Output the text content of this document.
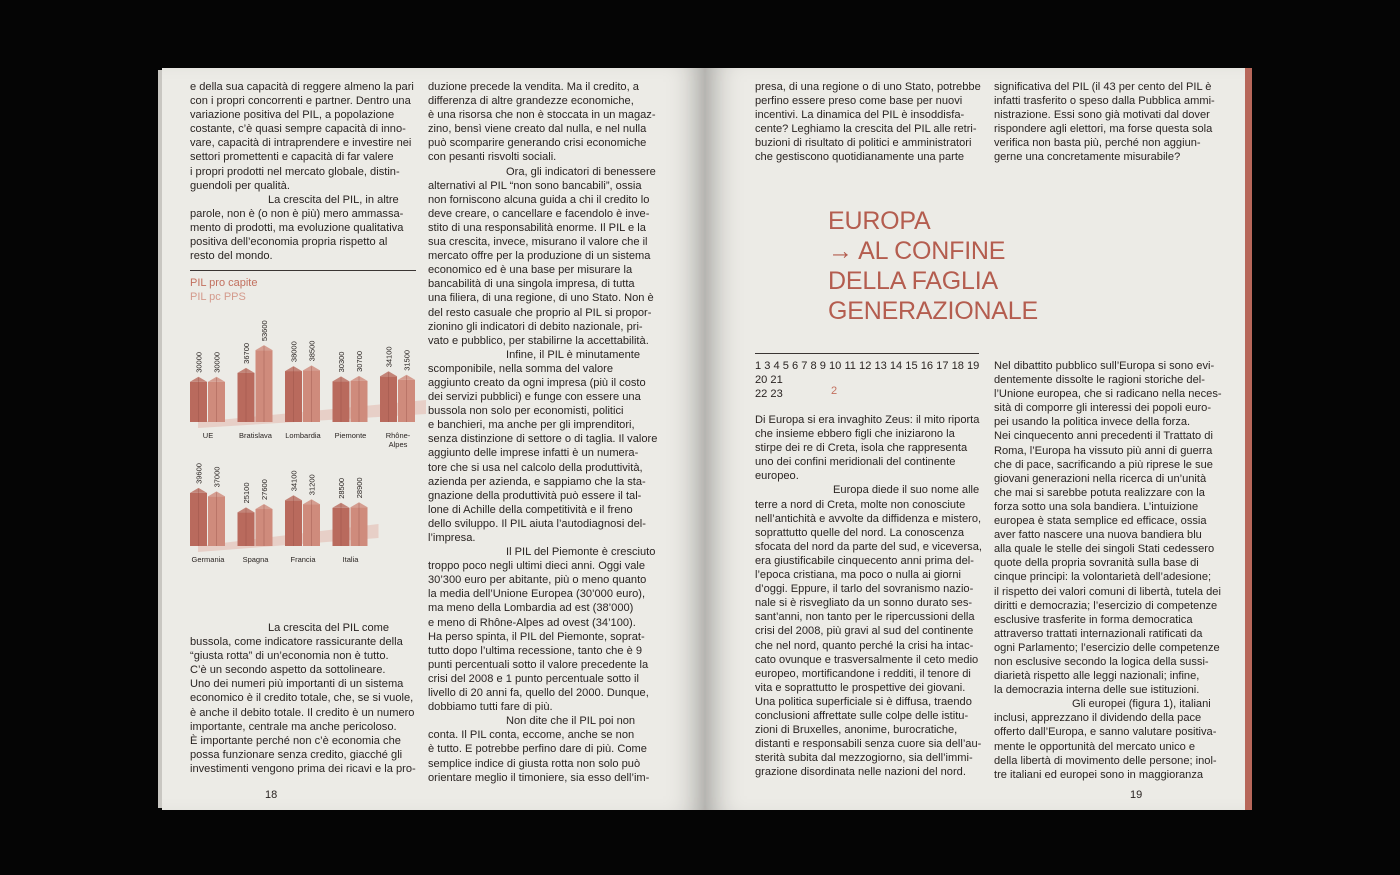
e della sua capacità di reggere almeno la pari

con i propri concorrenti e partner. Dentro una

variazione positiva del PIL, a popolazione

costante, c’è quasi sempre capacità di inno-

vare, capacità di intraprendere e investire nei

settori promettenti e capacità di far valere

i propri prodotti nel mercato globale, distin-

guendoli per qualità.

La crescita del PIL, in altre

parole, non è (o non è più) mero ammassa-

mento di prodotti, ma evoluzione qualitativa

positiva dell’economia propria rispetto al

resto del mondo.

PIL pro capite

PIL pc PPS

30000 30000	36700
53600
38000 38500
30300 30700	34100 31500
39600 37000
25100 27600	34100 31200	28500 28900
UE	Bratislava Lombardia Piemonte	Rhône-
Alpes
Germania Spagna	Francia	Italia

La crescita del PIL come

bussola, come indicatore rassicurante della

“giusta rotta” di un’economia non è tutto.

C’è un secondo aspetto da sottolineare.

Uno dei numeri più importanti di un sistema

economico è il credito totale, che, se si vuole,

è anche il debito totale. Il credito è un numero

importante, centrale ma anche pericoloso.

È importante perché non c’è economia che

possa funzionare senza credito, giacché gli

investimenti vengono prima dei ricavi e la pro-

duzione precede la vendita. Ma il credito, a

differenza di altre grandezze economiche,

è una risorsa che non è stoccata in un magaz-

zino, bensì viene creato dal nulla, e nel nulla

può scomparire generando crisi economiche

con pesanti risvolti sociali.

Ora, gli indicatori di benessere

alternativi al PIL “non sono bancabili”, ossia

non forniscono alcuna guida a chi il credito lo

deve creare, o cancellare e facendolo è inve-

stito di una responsabilità enorme. Il PIL e la

sua crescita, invece, misurano il valore che il

mercato offre per la produzione di un sistema

economico ed è una base per misurare la

bancabilità di una singola impresa, di tutta

una filiera, di una regione, di uno Stato. Non è

del resto casuale che proprio al PIL si propor-

zionino gli indicatori di debito nazionale, pri-

vato e pubblico, per stabilirne la accettabilità.

Infine, il PIL è minutamente

scomponibile, nella somma del valore

aggiunto creato da ogni impresa (più il costo

dei servizi pubblici) e funge con essere una

bussola non solo per economisti, politici

e banchieri, ma anche per gli imprenditori,

senza distinzione di settore o di taglia. Il valore

aggiunto delle imprese infatti è un numera-

tore che si usa nel calcolo della produttività,

azienda per azienda, e sappiamo che la sta-

gnazione della produttività può essere il tal-

lone di Achille della competitività e il freno

dello sviluppo. Il PIL aiuta l’autodiagnosi del-

l’impresa.

Il PIL del Piemonte è cresciuto

troppo poco negli ultimi dieci anni. Oggi vale

30’300 euro per abitante, più o meno quanto

la media dell’Unione Europea (30’000 euro),

ma meno della Lombardia ad est (38’000)

e meno di Rhône-Alpes ad ovest (34’100).

Ha perso spinta, il PIL del Piemonte, soprat-

tutto dopo l’ultima recessione, tanto che è 9

punti percentuali sotto il valore precedente la

crisi del 2008 e 1 punto percentuale sotto il

livello di 20 anni fa, quello del 2000. Dunque,

dobbiamo tutti fare di più.

Non dite che il PIL poi non

conta. Il PIL conta, eccome, anche se non

è tutto. E potrebbe perfino dare di più. Come

semplice indice di giusta rotta non solo può

orientare meglio il timoniere, sia esso dell’im-

18

presa, di una regione o di uno Stato, potrebbe

perfino essere preso come base per nuovi

incentivi. La dinamica del PIL è insoddisfa-

cente? Leghiamo la crescita del PIL alle retri-

buzioni di risultato di politici e amministratori

che gestiscono quotidianamente una parte

significativa del PIL (il 43 per cento del PIL è

infatti trasferito o speso dalla Pubblica ammi-

nistrazione. Essi sono già motivati dal dover

rispondere agli elettori, ma forse questa sola

verifica non basta più, perché non aggiun-

gerne una concretamente misurabile?

EUROPA
→ AL CONFINE
DELLA FAGLIA
GENERAZIONALE

1 3 4 5 6 7 8 9 10 11 12 13 14 15 16 17 18 19 20 21

22 23	2

Di Europa si era invaghito Zeus: il mito riporta

che insieme ebbero figli che iniziarono la

stirpe dei re di Creta, isola che rappresenta

uno dei confini meridionali del continente

europeo.

Europa diede il suo nome alle

terre a nord di Creta, molte non conosciute

nell’antichità e avvolte da diffidenza e mistero,

soprattutto quelle del nord. La conoscenza

sfocata del nord da parte del sud, e viceversa,

era giustificabile cinquecento anni prima del-

l’epoca cristiana, ma poco o nulla ai giorni

d’oggi. Eppure, il tarlo del sovranismo nazio-

nale si è risvegliato da un sonno durato ses-

sant’anni, non tanto per le ripercussioni della

crisi del 2008, più gravi al sud del continente

che nel nord, quanto perché la crisi ha intac-

cato ovunque e trasversalmente il ceto medio

europeo, mortificandone i redditi, il tenore di

vita e soprattutto le prospettive dei giovani.

Una politica superficiale si è diffusa, traendo

conclusioni affrettate sulle colpe delle istitu-

zioni di Bruxelles, anonime, burocratiche,

distanti e responsabili senza cuore sia dell’au-

sterità subita dal mezzogiorno, sia dell’immi-

grazione disordinata nelle nazioni del nord.

Nel dibattito pubblico sull’Europa si sono evi-

dentemente dissolte le ragioni storiche del-

l’Unione europea, che si radicano nella neces-

sità di comporre gli interessi dei popoli euro-

pei usando la politica invece della forza.

Nei cinquecento anni precedenti il Trattato di

Roma, l’Europa ha vissuto più anni di guerra

che di pace, sacrificando a più riprese le sue

giovani generazioni nella ricerca di un’unità

che mai si sarebbe potuta realizzare con la

forza sotto una sola bandiera. L’intuizione

europea è stata semplice ed efficace, ossia

aver fatto nascere una nuova bandiera blu

alla quale le stelle dei singoli Stati cedessero

quote della propria sovranità sulla base di

cinque principi: la volontarietà dell’adesione;

il rispetto dei valori comuni di libertà, tutela dei

diritti e democrazia; l’esercizio di competenze

esclusive trasferite in forma democratica

attraverso trattati internazionali ratificati da

ogni Parlamento; l’esercizio delle competenze

non esclusive secondo la logica della sussi-

diarietà rispetto alle leggi nazionali; infine,

la democrazia interna delle sue istituzioni.

Gli europei (figura 1), italiani

inclusi, apprezzano il dividendo della pace

offerto dall’Europa, e sanno valutare positiva-

mente le opportunità del mercato unico e

della libertà di movimento delle persone; inol-

tre italiani ed europei sono in maggioranza

19
